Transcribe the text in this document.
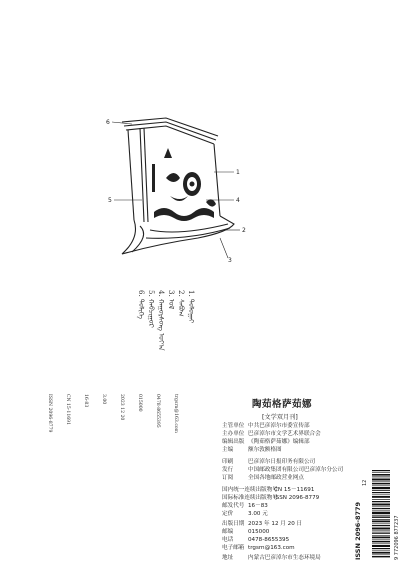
6
5
1
4
2
3
6. ᠲᠤᠯᠢᠭᠡ 5. ᠬᠠᠪᠴᠢᠭᠤᠷ 4. ᠬᠠᠭᠤᠷᠰᠤᠩ ᠣᠶ᠎ᠠ 3. ᠤᠯ 2. ᠰᠠᠪᠤᠭ 1. ᠲᠤᠯᠤᠭᠠᠢ
ISSN 2096-8779	CN 15-11691	16-83	3.00	2023 12 20	015000	0478-8655395	trgsrn@163.com	陶茹格萨茹娜
[文学双月刊]
主管单位 中共巴彦淖尔市委宣传部
主办单位 巴彦淖尔市文学艺术界联合会
编辑出版 《陶茹格萨茹娜》编辑部
主编	额尔敦额格图
印刷	巴彦淖尔日报印务有限公司
发行	中国邮政集团有限公司巴彦淖尔分公司
订阅	全国各地邮政营业网点
国内统一连续出版物号CN 15－11691
国际标准连续出版物号ISSN 2096-8779
邮发代号 16－83
定价	3.00 元
出版日期 2023 年 12 月 20 日
邮编	015000
电话	0478-8655395
电子邮箱 trgsrn@163.com
地址	内蒙古巴彦淖尔市生态环境局	ISSN 2096-8779
12
9 772096 877237
